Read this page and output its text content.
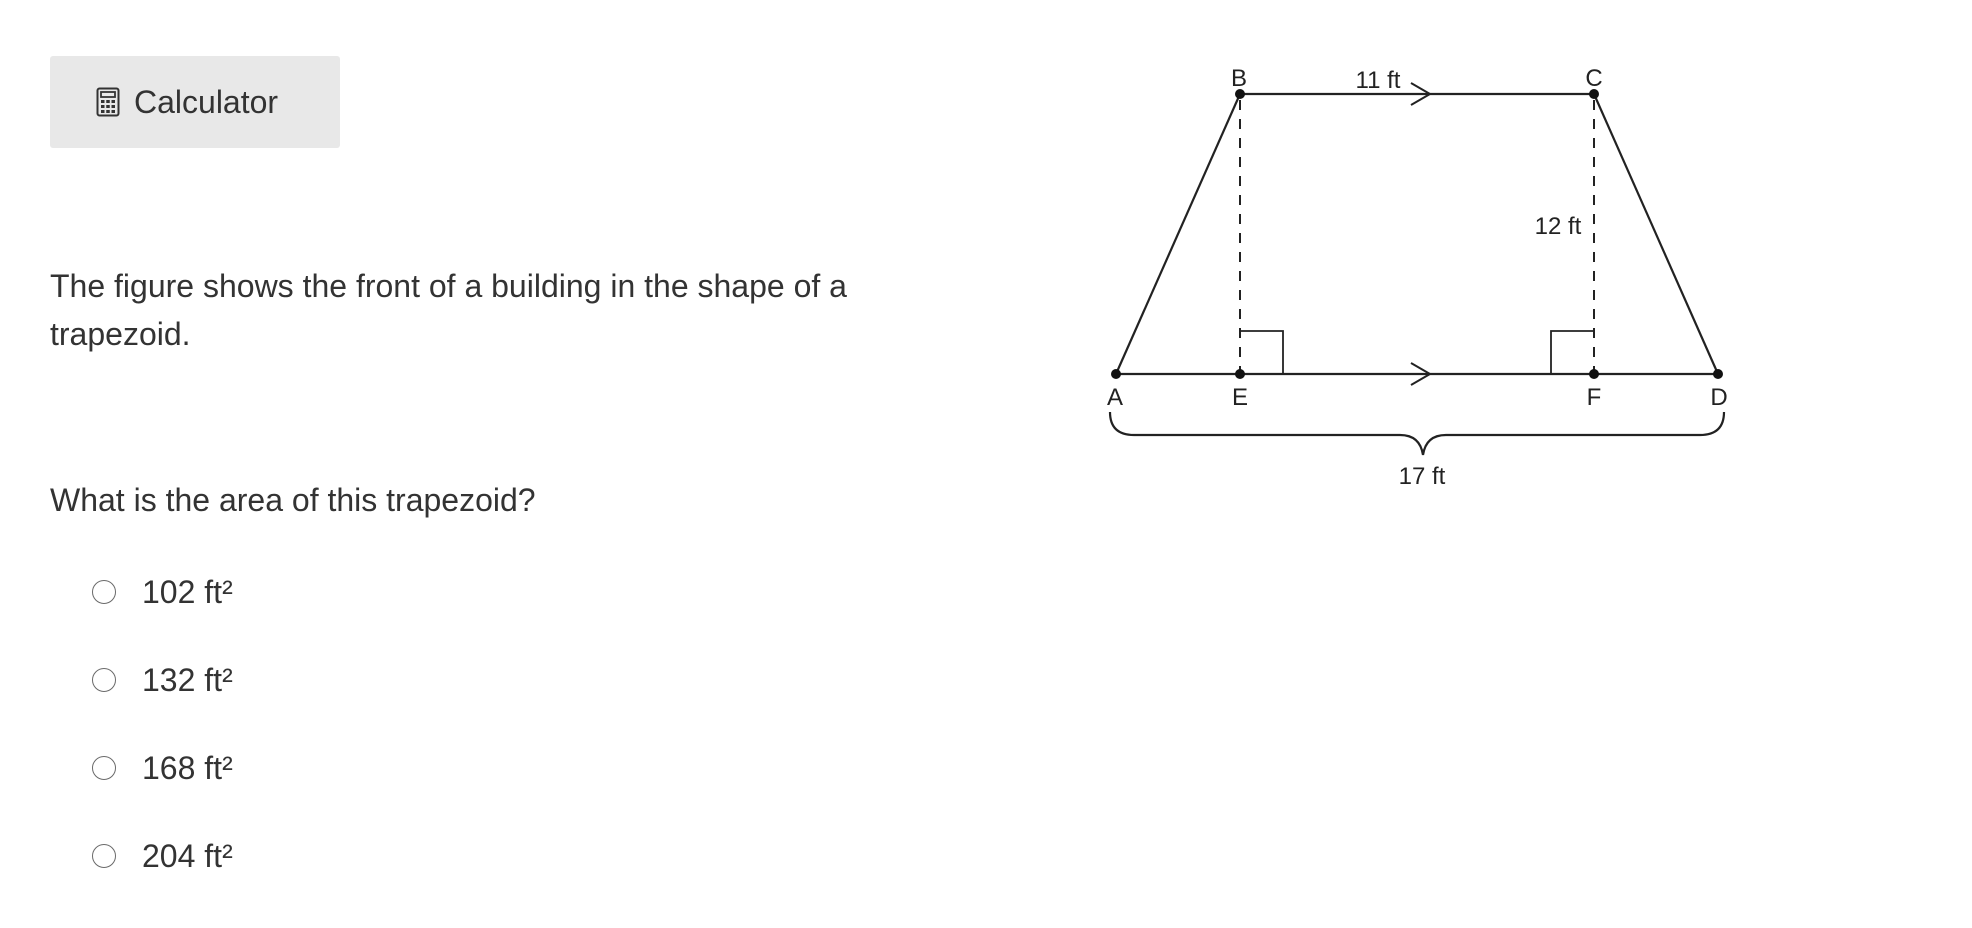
Calculator

The figure shows the front of a building in the shape of a trapezoid.

What is the area of this trapezoid?

102 ft²
132 ft²
168 ft²
204 ft²
B	C
A	E	F	D
11 ft
12 ft
17 ft
